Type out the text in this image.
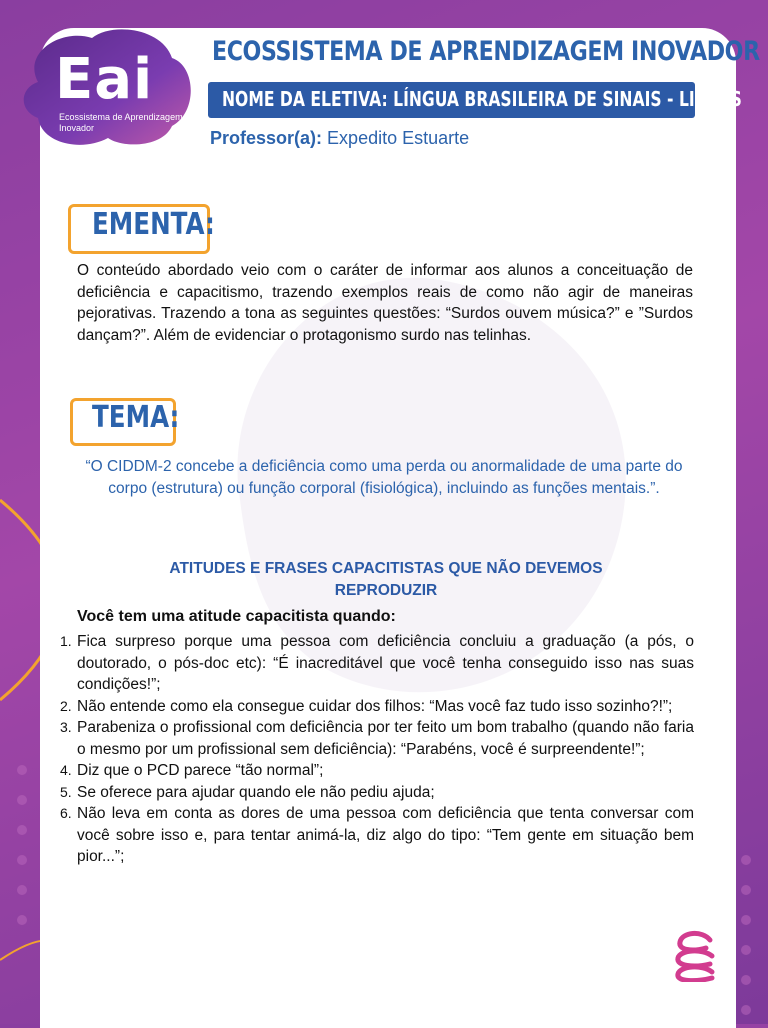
Eai
Ecossistema de Aprendizagem
Inovador
ECOSSISTEMA DE APRENDIZAGEM INOVADOR
NOME DA ELETIVA: LÍNGUA BRASILEIRA DE SINAIS - LIBRAS
Professor(a): Expedito Estuarte
EMENTA:
O conteúdo abordado veio com o caráter de informar aos alunos a conceituação de deficiência e capacitismo, trazendo exemplos reais de como não agir de maneiras pejorativas. Trazendo a tona as seguintes questões: “Surdos ouvem música?” e ”Surdos dançam?”. Além de evidenciar o protagonismo surdo nas telinhas.
TEMA:
“O CIDDM-2 concebe a deficiência como uma perda ou anormalidade de uma parte do corpo (estrutura) ou função corporal (fisiológica), incluindo as funções mentais.”.
ATITUDES E FRASES CAPACITISTAS QUE NÃO DEVEMOS REPRODUZIR
Você tem uma atitude capacitista quando:
1. Fica surpreso porque uma pessoa com deficiência concluiu a graduação (a pós, o doutorado, o pós-doc etc): “É inacreditável que você tenha conseguido isso nas suas condições!”;
2. Não entende como ela consegue cuidar dos filhos: “Mas você faz tudo isso sozinho?!”;
3. Parabeniza o profissional com deficiência por ter feito um bom trabalho (quando não faria o mesmo por um profissional sem deficiência): “Parabéns, você é surpreendente!”;
4. Diz que o PCD parece “tão normal”;
5. Se oferece para ajudar quando ele não pediu ajuda;
6. Não leva em conta as dores de uma pessoa com deficiência que tenta conversar com você sobre isso e, para tentar animá-la, diz algo do tipo: “Tem gente em situação bem pior...”;
